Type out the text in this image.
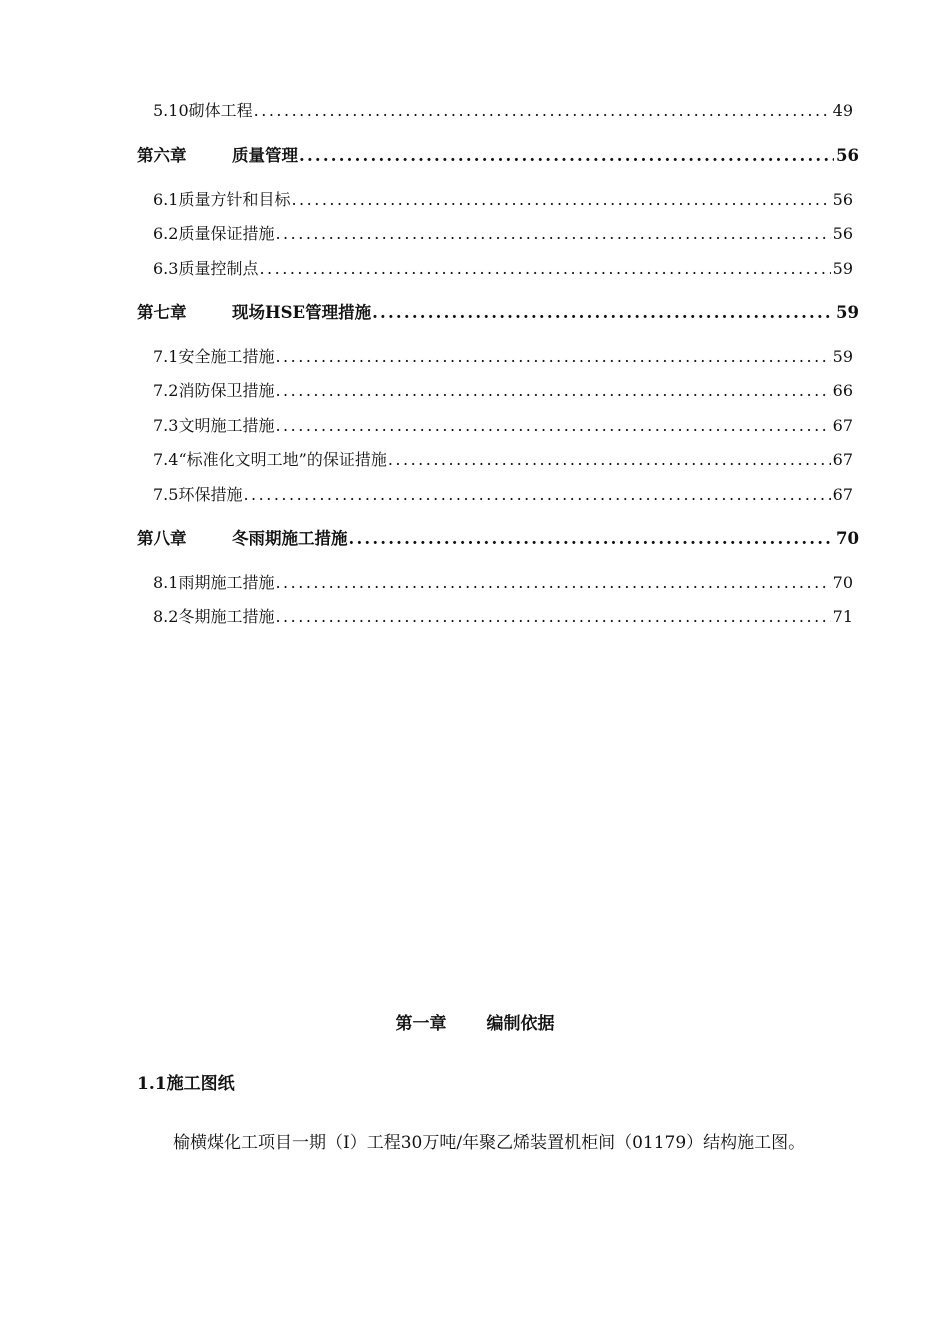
5.10 砌体工程 .....	49
第六章	质量管理 .....	56
6.1 质量方针和目标 .....	56
6.2 质量保证措施 .....	56
6.3 质量控制点 .....	59
第七章	现场HSE管理措施 .....	59
7.1 安全施工措施 .....	59
7.2 消防保卫措施 .....	66
7.3 文明施工措施 .....	67
7.4 “标准化文明工地”的保证措施 .....	67
7.5 环保措施 .....	67
第八章	冬雨期施工措施 .....	70
8.1 雨期施工措施 .....	70
8.2 冬期施工措施 .....	71
第一章 编制依据
1.1施工图纸

榆横煤化工项目一期（I）工程30万吨/年聚乙烯装置机柜间（01179）结构施工图。
